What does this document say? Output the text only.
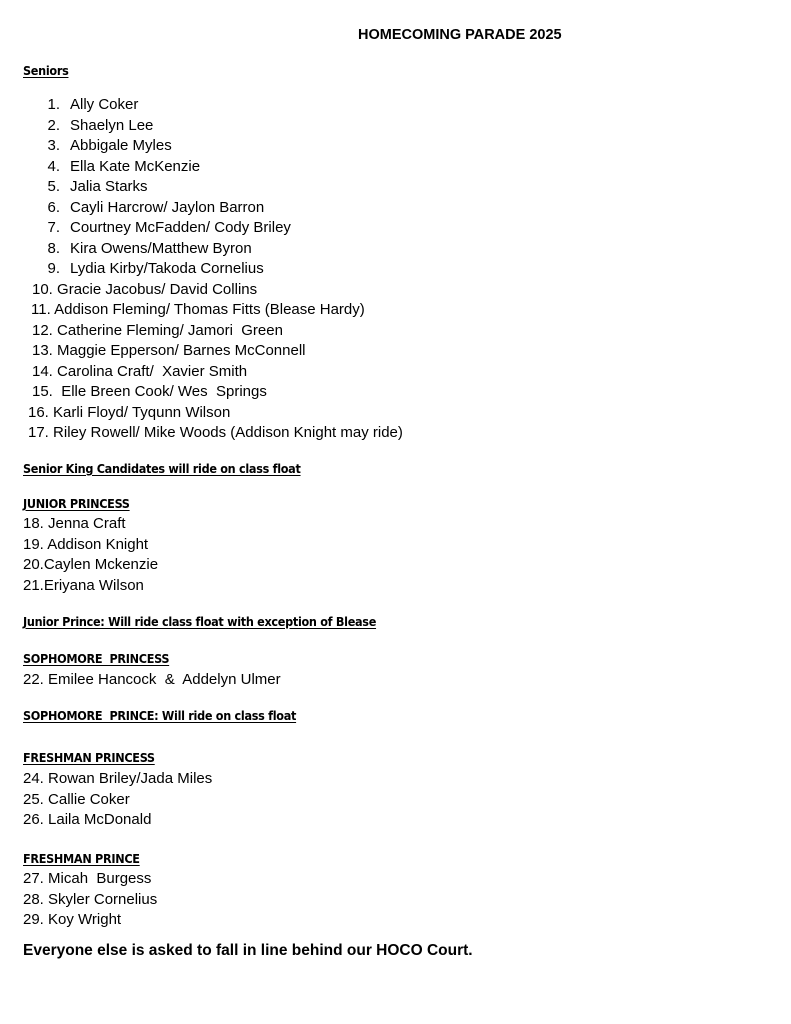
HOMECOMING PARADE 2025
Seniors
1. Ally Coker
2. Shaelyn Lee
3. Abbigale Myles
4. Ella Kate McKenzie
5. Jalia Starks
6. Cayli Harcrow/ Jaylon Barron
7. Courtney McFadden/ Cody Briley
8. Kira Owens/Matthew Byron
9. Lydia Kirby/Takoda Cornelius
10. Gracie Jacobus/ David Collins
11. Addison Fleming/ Thomas Fitts (Blease Hardy)
12. Catherine Fleming/ Jamori  Green
13. Maggie Epperson/ Barnes McConnell
14. Carolina Craft/  Xavier Smith
15.  Elle Breen Cook/ Wes  Springs
16. Karli Floyd/ Tyqunn Wilson
17. Riley Rowell/ Mike Woods (Addison Knight may ride)
Senior King Candidates will ride on class float
JUNIOR PRINCESS
18. Jenna Craft
19. Addison Knight
20.Caylen Mckenzie
21.Eriyana Wilson
Junior Prince: Will ride class float with exception of Blease
SOPHOMORE  PRINCESS
22. Emilee Hancock  &  Addelyn Ulmer
SOPHOMORE  PRINCE: Will ride on class float
FRESHMAN PRINCESS
24. Rowan Briley/Jada Miles
25. Callie Coker
26. Laila McDonald
FRESHMAN PRINCE
27. Micah  Burgess
28. Skyler Cornelius
29. Koy Wright
Everyone else is asked to fall in line behind our HOCO Court.
